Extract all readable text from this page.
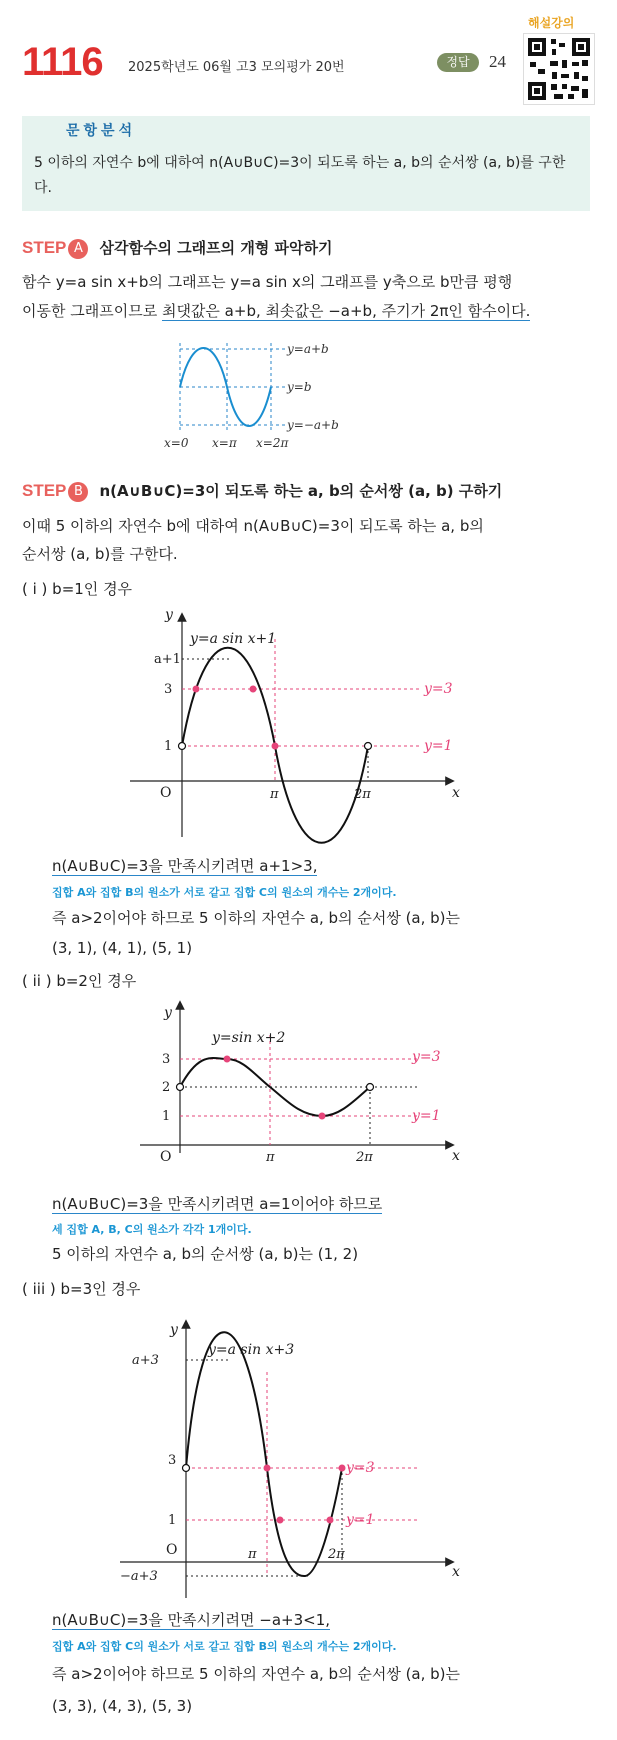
1116 2025학년도 06월 고3 모의평가 20번	정답	24
해설강의
문항분석
5 이하의 자연수 b에 대하여 n(A∪B∪C)=3이 되도록 하는 a, b의 순서쌍 (a, b)를 구한다.
STEP A 삼각함수의 그래프의 개형 파악하기
함수 y=a sin x+b의 그래프는 y=a sin x의 그래프를 y축으로 b만큼 평행
이동한 그래프이므로 최댓값은 a+b, 최솟값은 −a+b, 주기가 2π인 함수이다.
y=a+b
y=b
y=−a+b
x=0 x=π x=2π
STEP B n(A∪B∪C)=3이 되도록 하는 a, b의 순서쌍 (a, b) 구하기
이때 5 이하의 자연수 b에 대하여 n(A∪B∪C)=3이 되도록 하는 a, b의
순서쌍 (a, b)를 구한다.
( i ) b=1인 경우
a+1
3
1
O	π	2π	x
y
y=a sin x+1
y=3
y=1
n(A∪B∪C)=3을 만족시키려면 a+1>3,
집합 A와 집합 B의 원소가 서로 같고 집합 C의 원소의 개수는 2개이다.
즉 a>2이어야 하므로 5 이하의 자연수 a, b의 순서쌍 (a, b)는
(3, 1), (4, 1), (5, 1)
( ii ) b=2인 경우
3
2
1
O	π	2π	x
y
y=sin x+2
y=3
y=1
n(A∪B∪C)=3을 만족시키려면 a=1이어야 하므로
세 집합 A, B, C의 원소가 각각 1개이다.
5 이하의 자연수 a, b의 순서쌍 (a, b)는 (1, 2)
( iii ) b=3인 경우
a+3
3
1
O
−a+3
π	2π
x
y
y=a sin x+3
y=3
y=1
n(A∪B∪C)=3을 만족시키려면 −a+3<1,
집합 A와 집합 C의 원소가 서로 같고 집합 B의 원소의 개수는 2개이다.
즉 a>2이어야 하므로 5 이하의 자연수 a, b의 순서쌍 (a, b)는
(3, 3), (4, 3), (5, 3)
